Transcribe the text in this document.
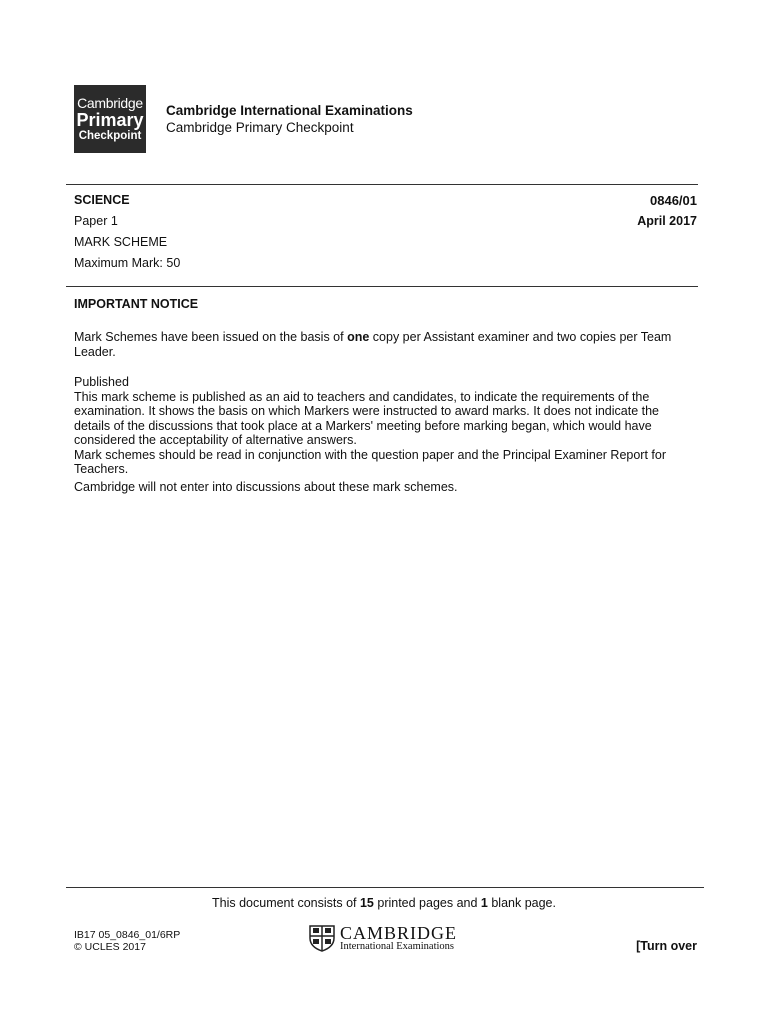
Cambridge
Primary
Checkpoint
Cambridge International Examinations
Cambridge Primary Checkpoint
SCIENCE	0846/01
Paper 1	April 2017
MARK SCHEME
Maximum Mark: 50
IMPORTANT NOTICE

Mark Schemes have been issued on the basis of one copy per Assistant examiner and two copies per Team Leader.

Published

This mark scheme is published as an aid to teachers and candidates, to indicate the requirements of the examination. It shows the basis on which Markers were instructed to award marks. It does not indicate the details of the discussions that took place at a Markers' meeting before marking began, which would have considered the acceptability of alternative answers.

Mark schemes should be read in conjunction with the question paper and the Principal Examiner Report for Teachers.

Cambridge will not enter into discussions about these mark schemes.

This document consists of 15 printed pages and 1 blank page.
IB17 05_0846_01/6RP
© UCLES 2017
CAMBRIDGE
International Examinations	[Turn over
